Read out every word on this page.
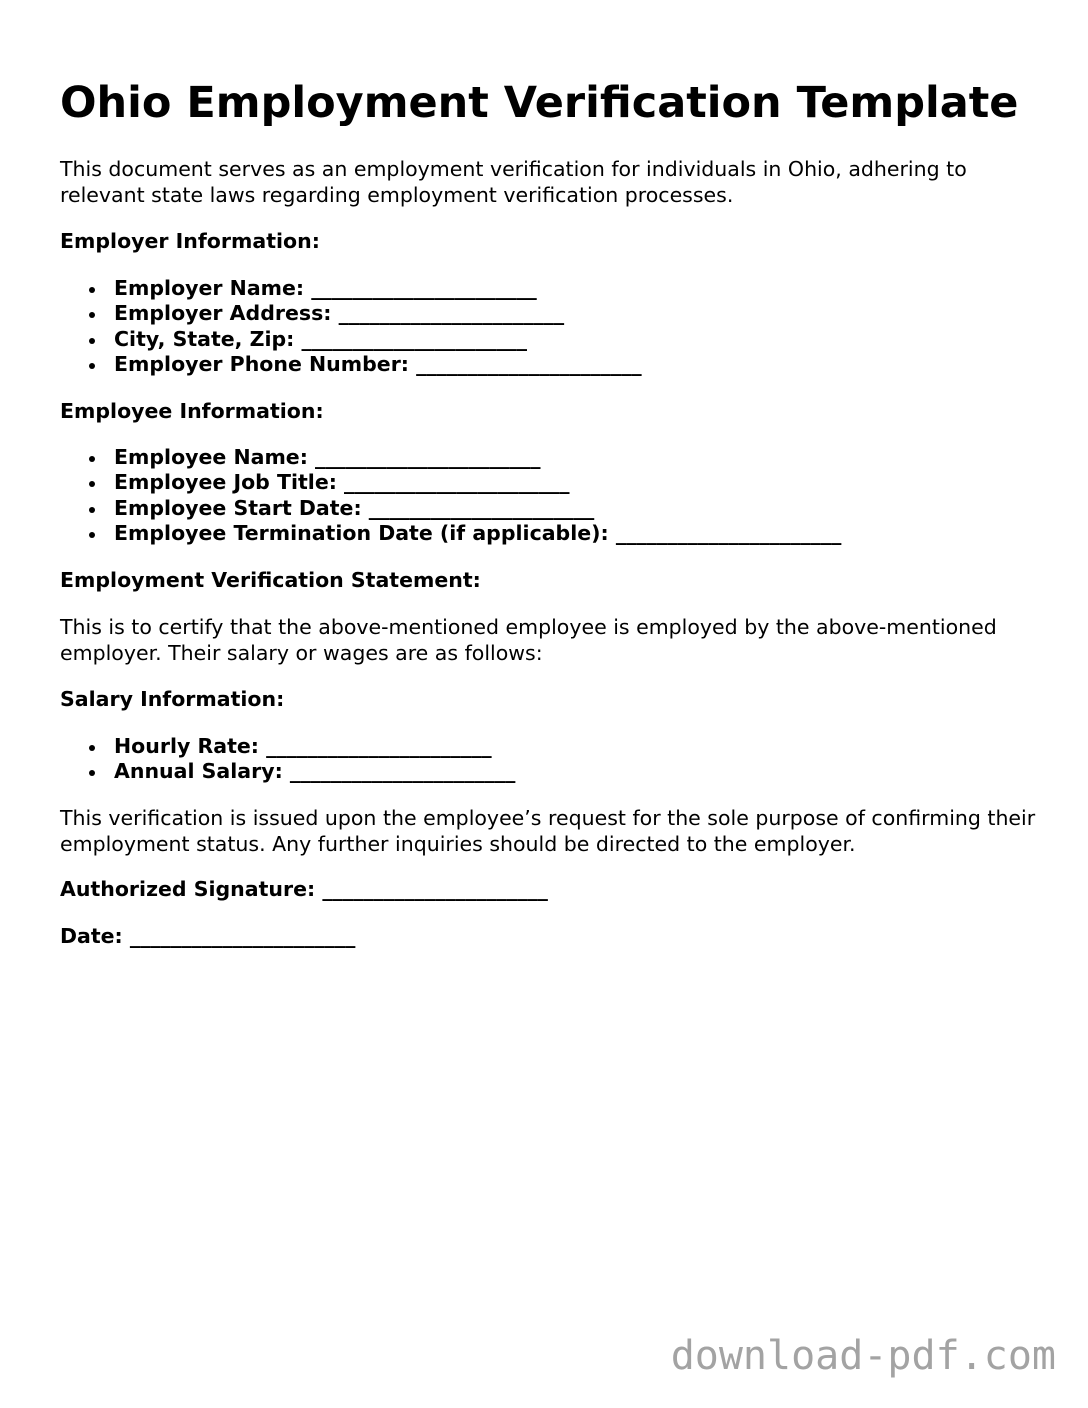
Ohio Employment Verification Template

This document serves as an employment verification for individuals in Ohio, adhering to relevant state laws regarding employment verification processes.

Employer Information:

Employer Name: ______________________
Employer Address: ______________________
City, State, Zip: ______________________
Employer Phone Number: ______________________

Employee Information:

Employee Name: ______________________
Employee Job Title: ______________________
Employee Start Date: ______________________
Employee Termination Date (if applicable): ______________________

Employment Verification Statement:

This is to certify that the above-mentioned employee is employed by the above-mentioned employer. Their salary or wages are as follows:

Salary Information:

Hourly Rate: ______________________
Annual Salary: ______________________

This verification is issued upon the employee’s request for the sole purpose of confirming their employment status. Any further inquiries should be directed to the employer.

Authorized Signature: ______________________

Date: ______________________

download-pdf.com
